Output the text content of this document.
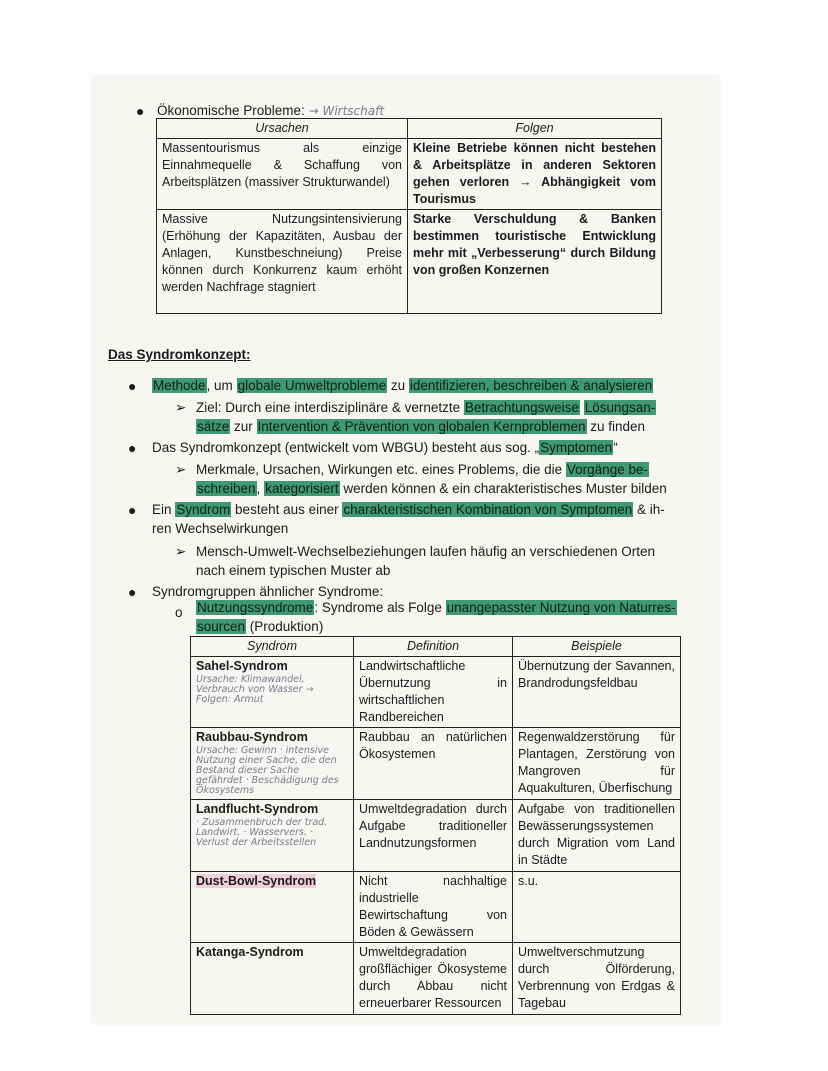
● Ökonomische Probleme: → Wirtschaft
Ursachen	Folgen
Massentourismus als einzige Einnahmequelle & Schaffung von Arbeitsplätzen (massiver Strukturwandel)	Kleine Betriebe können nicht bestehen & Arbeitsplätze in anderen Sektoren gehen verloren → Abhängigkeit vom Tourismus
Massive Nutzungsintensivierung (Erhöhung der Kapazitäten, Ausbau der Anlagen, Kunstbeschneiung) Preise können durch Konkurrenz kaum erhöht werden Nachfrage stagniert	Starke Verschuldung & Banken bestimmen touristische Entwicklung mehr mit „Verbesserung“ durch Bildung von großen Konzernen
Das Syndromkonzept:
● Methode, um globale Umweltprobleme zu identifizieren, beschreiben & analysieren
➢ Ziel: Durch eine interdisziplinäre & vernetzte Betrachtungsweise Lösungsan-
sätze zur Intervention & Prävention von globalen Kernproblemen zu finden
● Das Syndromkonzept (entwickelt vom WBGU) besteht aus sog. „Symptomen“
➢ Merkmale, Ursachen, Wirkungen etc. eines Problems, die die Vorgänge be-
schreiben, kategorisiert werden können & ein charakteristisches Muster bilden
● Ein Syndrom besteht aus einer charakteristischen Kombination von Symptomen & ih-
ren Wechselwirkungen
➢ Mensch-Umwelt-Wechselbeziehungen laufen häufig an verschiedenen Orten
nach einem typischen Muster ab
● Syndromgruppen ähnlicher Syndrome:
o Nutzungssyndrome: Syndrome als Folge unangepasster Nutzung von Naturres-
sourcen (Produktion)
Syndrom	Definition	Beispiele

Sahel-Syndrom
Ursache: Klimawandel, Verbrauch von Wasser → Folgen: Armut	Landwirtschaftliche Übernutzung in wirtschaftlichen Randbereichen	Übernutzung der Savannen, Brandrodungsfeldbau

Raubbau-Syndrom
Ursache: Gewinn · intensive Nutzung einer Sache, die den Bestand dieser Sache gefährdet · Beschädigung des Ökosystems	Raubbau an natürlichen Ökosystemen	Regenwaldzerstörung für Plantagen, Zerstörung von Mangroven für Aquakulturen, Überfischung

Landflucht-Syndrom
· Zusammenbruch der trad. Landwirt. · Wasservers. · Verlust der Arbeitsstellen	Umweltdegradation durch Aufgabe traditioneller Landnutzungsformen	Aufgabe von traditionellen Bewässerungssystemen durch Migration vom Land in Städte
Dust-Bowl-Syndrom	Nicht nachhaltige industrielle Bewirtschaftung von Böden & Gewässern	s.u.

Katanga-Syndrom	Umweltdegradation großflächiger Ökosysteme durch Abbau nicht erneuerbarer Ressourcen	Umweltverschmutzung durch Ölförderung, Verbrennung von Erdgas & Tagebau
